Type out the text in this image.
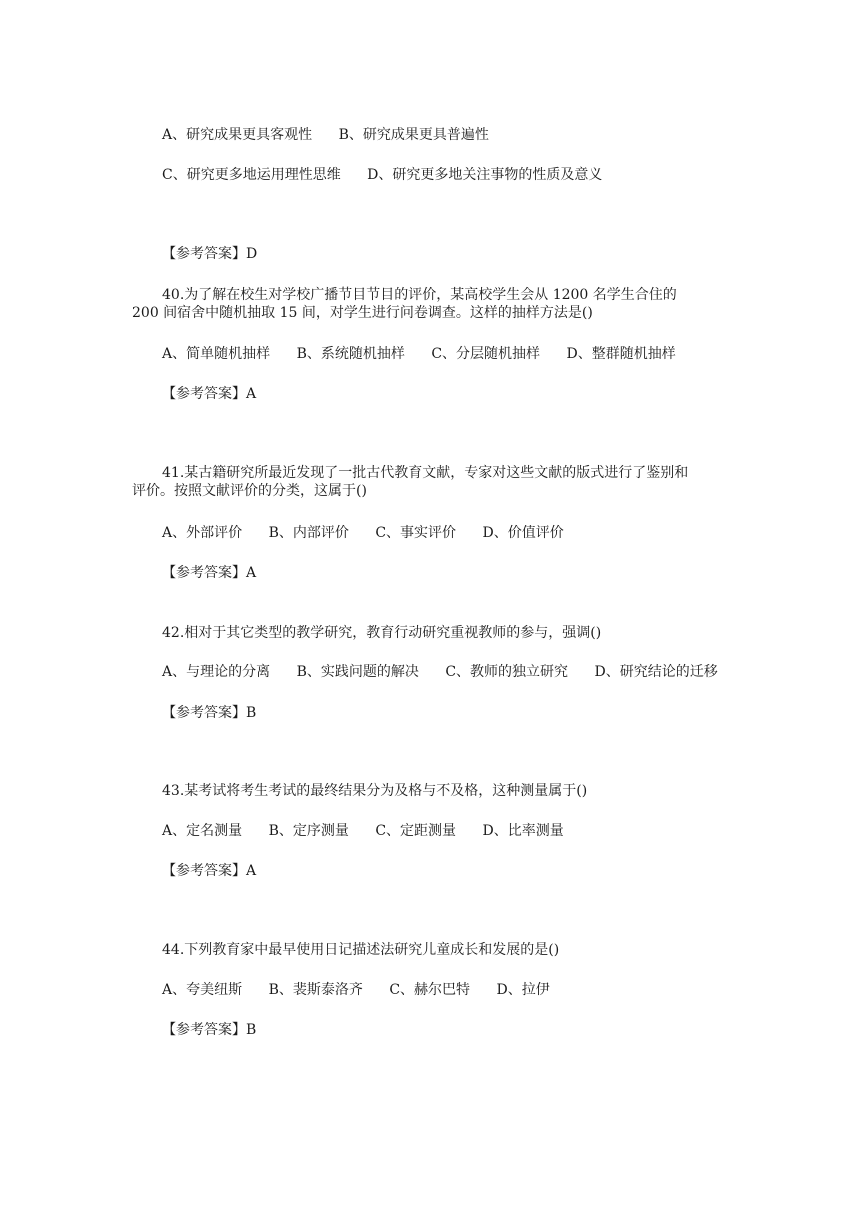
A、研究成果更具客观性 B、研究成果更具普遍性
C、研究更多地运用理性思维 D、研究更多地关注事物的性质及意义
【参考答案】D
40.为了解在校生对学校广播节目节目的评价，某高校学生会从 1200 名学生合住的
200 间宿舍中随机抽取 15 间，对学生进行问卷调查。这样的抽样方法是()
A、简单随机抽样 B、系统随机抽样 C、分层随机抽样 D、整群随机抽样
【参考答案】A
41.某古籍研究所最近发现了一批古代教育文献，专家对这些文献的版式进行了鉴别和
评价。按照文献评价的分类，这属于()
A、外部评价 B、内部评价 C、事实评价 D、价值评价
【参考答案】A
42.相对于其它类型的教学研究，教育行动研究重视教师的参与，强调()
A、与理论的分离 B、实践问题的解决 C、教师的独立研究 D、研究结论的迁移
【参考答案】B
43.某考试将考生考试的最终结果分为及格与不及格，这种测量属于()
A、定名测量 B、定序测量 C、定距测量 D、比率测量
【参考答案】A
44.下列教育家中最早使用日记描述法研究儿童成长和发展的是()
A、夸美纽斯 B、裴斯泰洛齐 C、赫尔巴特 D、拉伊
【参考答案】B
